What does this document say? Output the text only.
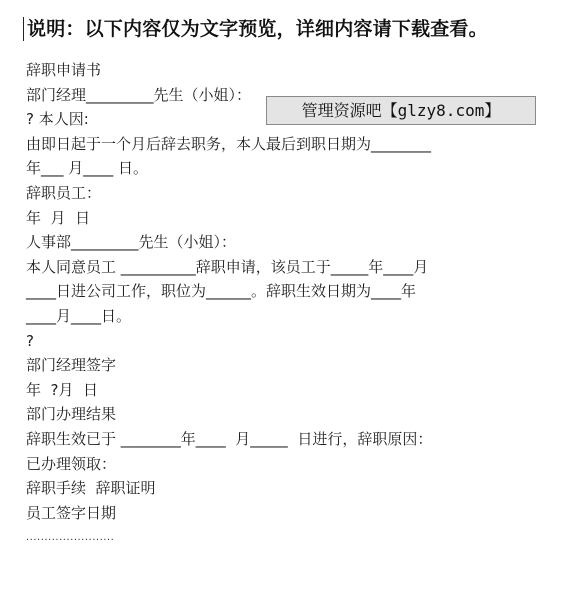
说明：以下内容仅为文字预览，详细内容请下载查看。
辞职申请书
部门经理_________先生（小姐）：
? 本人因:
由即日起于一个月后辞去职务，本人最后到职日期为________
年___ 月____ 日。
辞职员工：
年  月  日
人事部_________先生（小姐）：
本人同意员工 __________辞职申请，该员工于_____年____月
____日进公司工作，职位为______。辞职生效日期为____年
____月____日。
?
部门经理签字
年  ?月  日
部门办理结果
辞职生效已于 ________年____  月_____  日进行，辞职原因：
已办理领取：
辞职手续  辞职证明
员工签字日期
管理资源吧【glzy8.com】
························
